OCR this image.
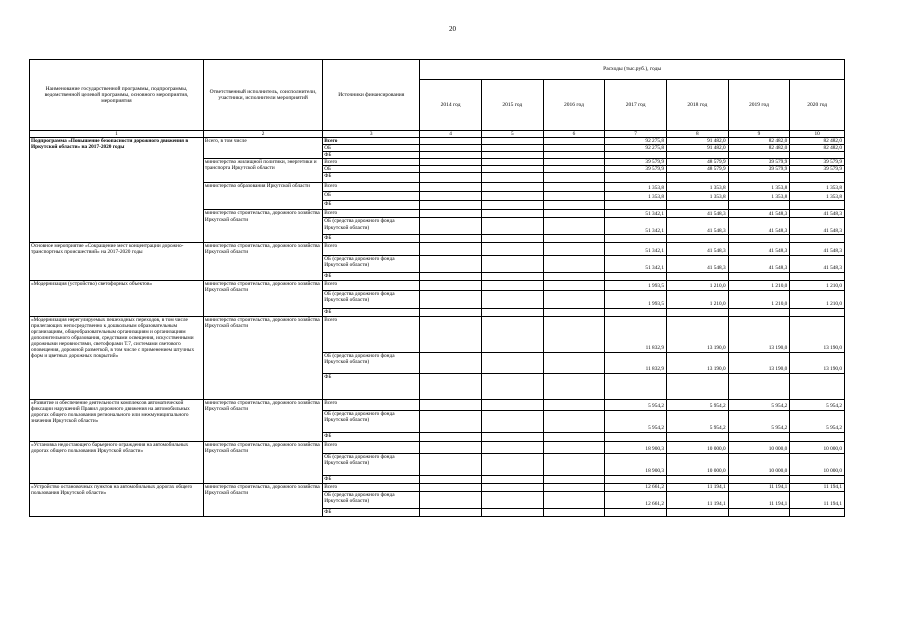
20
Наименование государственной программы, подпрограммы, ведомственной целевой программы, основного мероприятия, мероприятия	Ответственный исполнитель, соисполнители, участники, исполнители мероприятий	Источники финансирования	Расходы (тыс.руб.), годы						
			2014 год	2015 год	2016 год	2017 год	2018 год	2019 год	2020 год
1	2	3	4	5	6	7	8	9	10
Подпрограмма «Повышение безопасности дорожного движения в Иркутской области» на 2017-2020 годы	Всего, в том числе	Всего				92 275,8	91 482,0	82 482,0	82 482,0
		ОБ				92 275,8	91 482,0	82 482,0	82 482,0
		ФБ							
	министерство жилищной политики, энергетики и транспорта Иркутской области	Всего				39 579,9	48 579,9	39 579,9	39 579,9
		ОБ				39 579,9	48 579,9	39 579,9	39 579,9
		ФБ							
	министерство образования Иркутской области	Всего				1 353,8	1 353,8	1 353,8	1 353,8
		ОБ				1 353,8	1 353,8	1 353,8	1 353,8
		ФБ							
	министерство строительства, дорожного хозяйства Иркутской области	Всего				51 342,1	41 548,3	41 548,3	41 548,3
		ОБ (средства дорожного фонда Иркутской области)				51 342,1	41 548,3	41 548,3	41 548,3
		ФБ							
Основное мероприятие «Сокращение мест концентрации дорожно-транспортных происшествий» на 2017-2020 годы	министерство строительства, дорожного хозяйства Иркутской области	Всего				51 342,1	41 548,3	41 548,3	41 548,3
		ОБ (средства дорожного фонда Иркутской области)				51 342,1	41 548,3	41 548,3	41 548,3
		ФБ							
«Модернизация (устройство) светофорных объектов»	министерство строительства, дорожного хозяйства Иркутской области	Всего				1 993,5	1 210,0	1 210,0	1 210,0
		ОБ (средства дорожного фонда Иркутской области)				1 993,5	1 210,0	1 210,0	1 210,0
		ФБ							
«Модернизация нерегулируемых пешеходных переходов, в том числе прилегающих непосредственно к дошкольным образовательным организациям, общеобразовательным организациям и организациям дополнительного образования, средствами освещения, искусственными дорожными неровностями, светофорами Т.7, системами светового оповещения, дорожной разметкой, в том числе с применением штучных форм и цветных дорожных покрытий»	министерство строительства, дорожного хозяйства Иркутской области	Всего				11 832,9	13 190,0	13 190,0	13 190,0
		ОБ (средства дорожного фонда Иркутской области)				11 832,9	13 190,0	13 190,0	13 190,0
		ФБ							
«Развитие и обеспечение деятельности комплексов автоматической фиксации нарушений Правил дорожного движения на автомобильных дорогах общего пользования регионального или межмуниципального значения Иркутской области»	министерство строительства, дорожного хозяйства Иркутской области	Всего				5 954,2	5 954,2	5 954,2	5 954,2
		ОБ (средства дорожного фонда Иркутской области)				5 954,2	5 954,2	5 954,2	5 954,2
		ФБ							
«Установка недостающего барьерного ограждения на автомобильных дорогах общего пользования Иркутской области»	министерство строительства, дорожного хозяйства Иркутской области	Всего				18 900,3	10 000,0	10 000,0	10 000,0
		ОБ (средства дорожного фонда Иркутской области)				18 900,3	10 000,0	10 000,0	10 000,0
		ФБ							
«Устройство остановочных пунктов на автомобильных дорогах общего пользования Иркутской области»	министерство строительства, дорожного хозяйства Иркутской области	Всего				12 661,2	11 194,1	11 194,1	11 194,1
		ОБ (средства дорожного фонда Иркутской области)				12 661,2	11 194,1	11 194,1	11 194,1
		ФБ							
